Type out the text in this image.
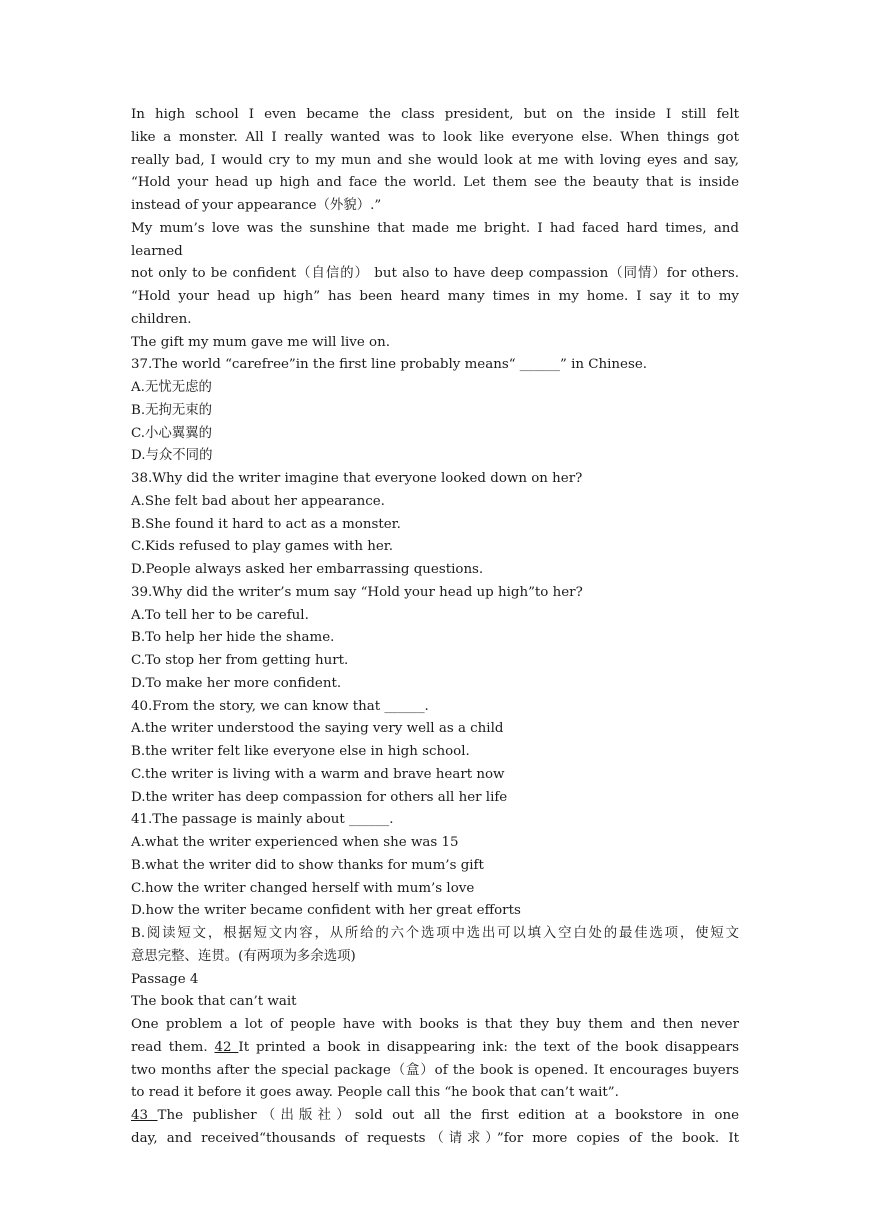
In high school I even became the class president, but on the inside I still felt
like a monster. All I really wanted was to look like everyone else. When things got
really bad, I would cry to my mun and she would look at me with loving eyes and say,
“Hold your head up high and face the world. Let them see the beauty that is inside
instead of your appearance（外貌）.”
My mum’s love was the sunshine that made me bright. I had faced hard times, and learned
not only to be confident（自信的） but also to have deep compassion（同情）for others.
“Hold your head up high” has been heard many times in my home. I say it to my children.
The gift my mum gave me will live on.
37.The world “carefree”in the first line probably means“ ______” in Chinese.
A.无忧无虑的
B.无拘无束的
C.小心翼翼的
D.与众不同的
38.Why did the writer imagine that everyone looked down on her?
A.She felt bad about her appearance.
B.She found it hard to act as a monster.
C.Kids refused to play games with her.
D.People always asked her embarrassing questions.
39.Why did the writer’s mum say “Hold your head up high”to her?
A.To tell her to be careful.
B.To help her hide the shame.
C.To stop her from getting hurt.
D.To make her more confident.
40.From the story, we can know that ______.
A.the writer understood the saying very well as a child
B.the writer felt like everyone else in high school.
C.the writer is living with a warm and brave heart now
D.the writer has deep compassion for others all her life
41.The passage is mainly about ______.
A.what the writer experienced when she was 15
B.what the writer did to show thanks for mum’s gift
C.how the writer changed herself with mum’s love
D.how the writer became confident with her great efforts
B.阅读短文，根据短文内容，从所给的六个选项中选出可以填入空白处的最佳选项，使短文
意思完整、连贯。(有两项为多余选项)
Passage 4
The book that can’t wait
One problem a lot of people have with books is that they buy them and then never
read them. 42 It printed a book in disappearing ink: the text of the book disappears
two months after the special package（盒）of the book is opened. It encourages buyers
to read it before it goes away. People call this “he book that can’t wait”.
43 The publisher（出版社）sold out all the first edition at a bookstore in one
day, and received“thousands of requests（请求）”for more copies of the book. It
